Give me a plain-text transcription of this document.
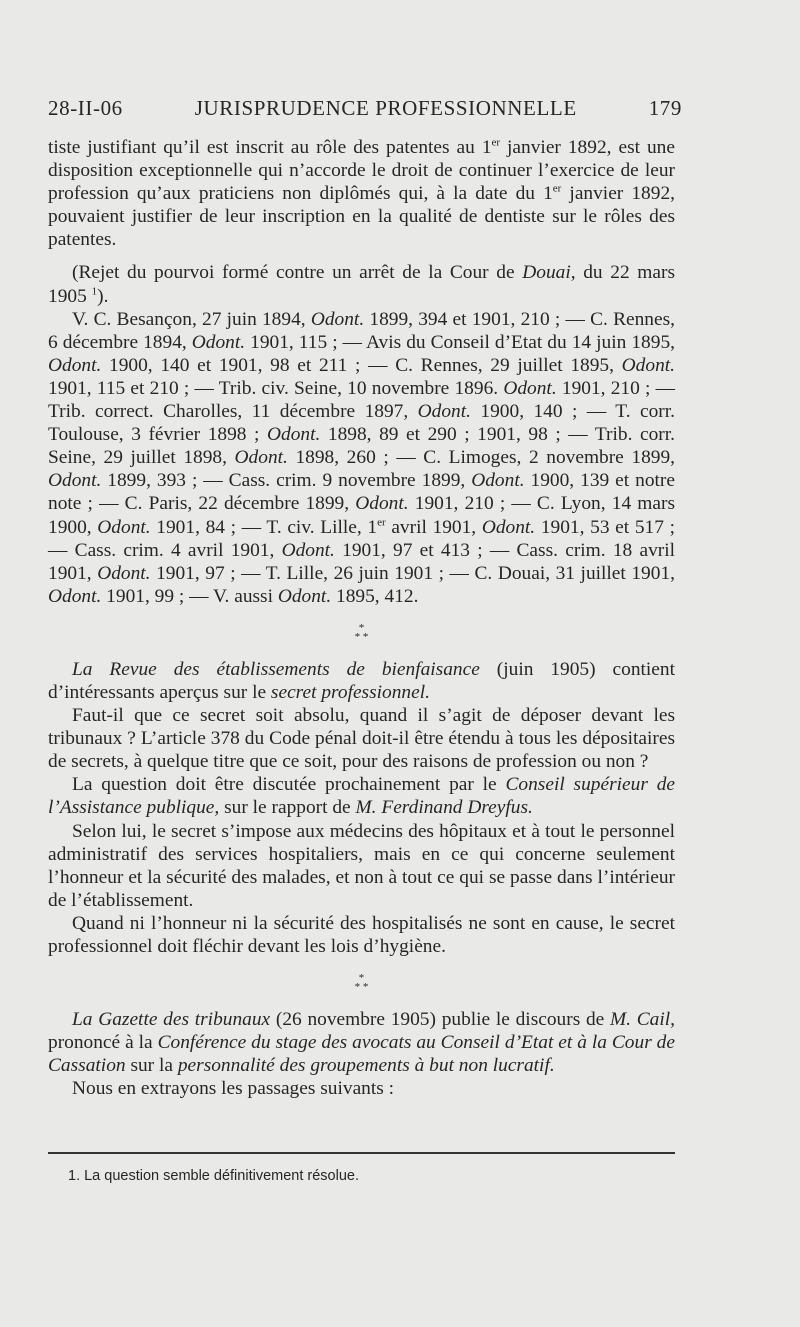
28-II-06	JURISPRUDENCE PROFESSIONNELLE	179

tiste justifiant qu’il est inscrit au rôle des patentes au 1er janvier 1892, est une disposition exceptionnelle qui n’accorde le droit de continuer l’exercice de leur profession qu’aux praticiens non diplômés qui, à la date du 1er janvier 1892, pouvaient justifier de leur inscription en la qualité de dentiste sur le rôles des patentes.

(Rejet du pourvoi formé contre un arrêt de la Cour de Douai, du 22 mars 1905 $^1$).

V. C. Besançon, 27 juin 1894, Odont. 1899, 394 et 1901, 210 ; — C. Rennes, 6 décembre 1894, Odont. 1901, 115 ; — Avis du Conseil d’Etat du 14 juin 1895, Odont. 1900, 140 et 1901, 98 et 211 ; — C. Rennes, 29 juillet 1895, Odont. 1901, 115 et 210 ; — Trib. civ. Seine, 10 novembre 1896. Odont. 1901, 210 ; — Trib. correct. Charolles, 11 décembre 1897, Odont. 1900, 140 ; — T. corr. Toulouse, 3 février 1898 ; Odont. 1898, 89 et 290 ; 1901, 98 ; — Trib. corr. Seine, 29 juillet 1898, Odont. 1898, 260 ; — C. Limoges, 2 novembre 1899, Odont. 1899, 393 ; — Cass. crim. 9 novembre 1899, Odont. 1900, 139 et notre note ; — C. Paris, 22 décembre 1899, Odont. 1901, 210 ; — C. Lyon, 14 mars 1900, Odont. 1901, 84 ; — T. civ. Lille, 1er avril 1901, Odont. 1901, 53 et 517 ; — Cass. crim. 4 avril 1901, Odont. 1901, 97 et 413 ; — Cass. crim. 18 avril 1901, Odont. 1901, 97 ; — T. Lille, 26 juin 1901 ; — C. Douai, 31 juillet 1901, Odont. 1901, 99 ; — V. aussi Odont. 1895, 412.

*
* *

La Revue des établissements de bienfaisance (juin 1905) contient d’intéressants aperçus sur le secret professionnel.

Faut-il que ce secret soit absolu, quand il s’agit de déposer devant les tribunaux ? L’article 378 du Code pénal doit-il être étendu à tous les dépositaires de secrets, à quelque titre que ce soit, pour des raisons de profession ou non ?

La question doit être discutée prochainement par le Conseil supérieur de l’Assistance publique, sur le rapport de M. Ferdinand Dreyfus.

Selon lui, le secret s’impose aux médecins des hôpitaux et à tout le personnel administratif des services hospitaliers, mais en ce qui concerne seulement l’honneur et la sécurité des malades, et non à tout ce qui se passe dans l’intérieur de l’établissement.

Quand ni l’honneur ni la sécurité des hospitalisés ne sont en cause, le secret professionnel doit fléchir devant les lois d’hygiène.

*
* *

La Gazette des tribunaux (26 novembre 1905) publie le discours de M. Cail, prononcé à la Conférence du stage des avocats au Conseil d’Etat et à la Cour de Cassation sur la personnalité des groupements à but non lucratif.

Nous en extrayons les passages suivants :

1. La question semble définitivement résolue.
